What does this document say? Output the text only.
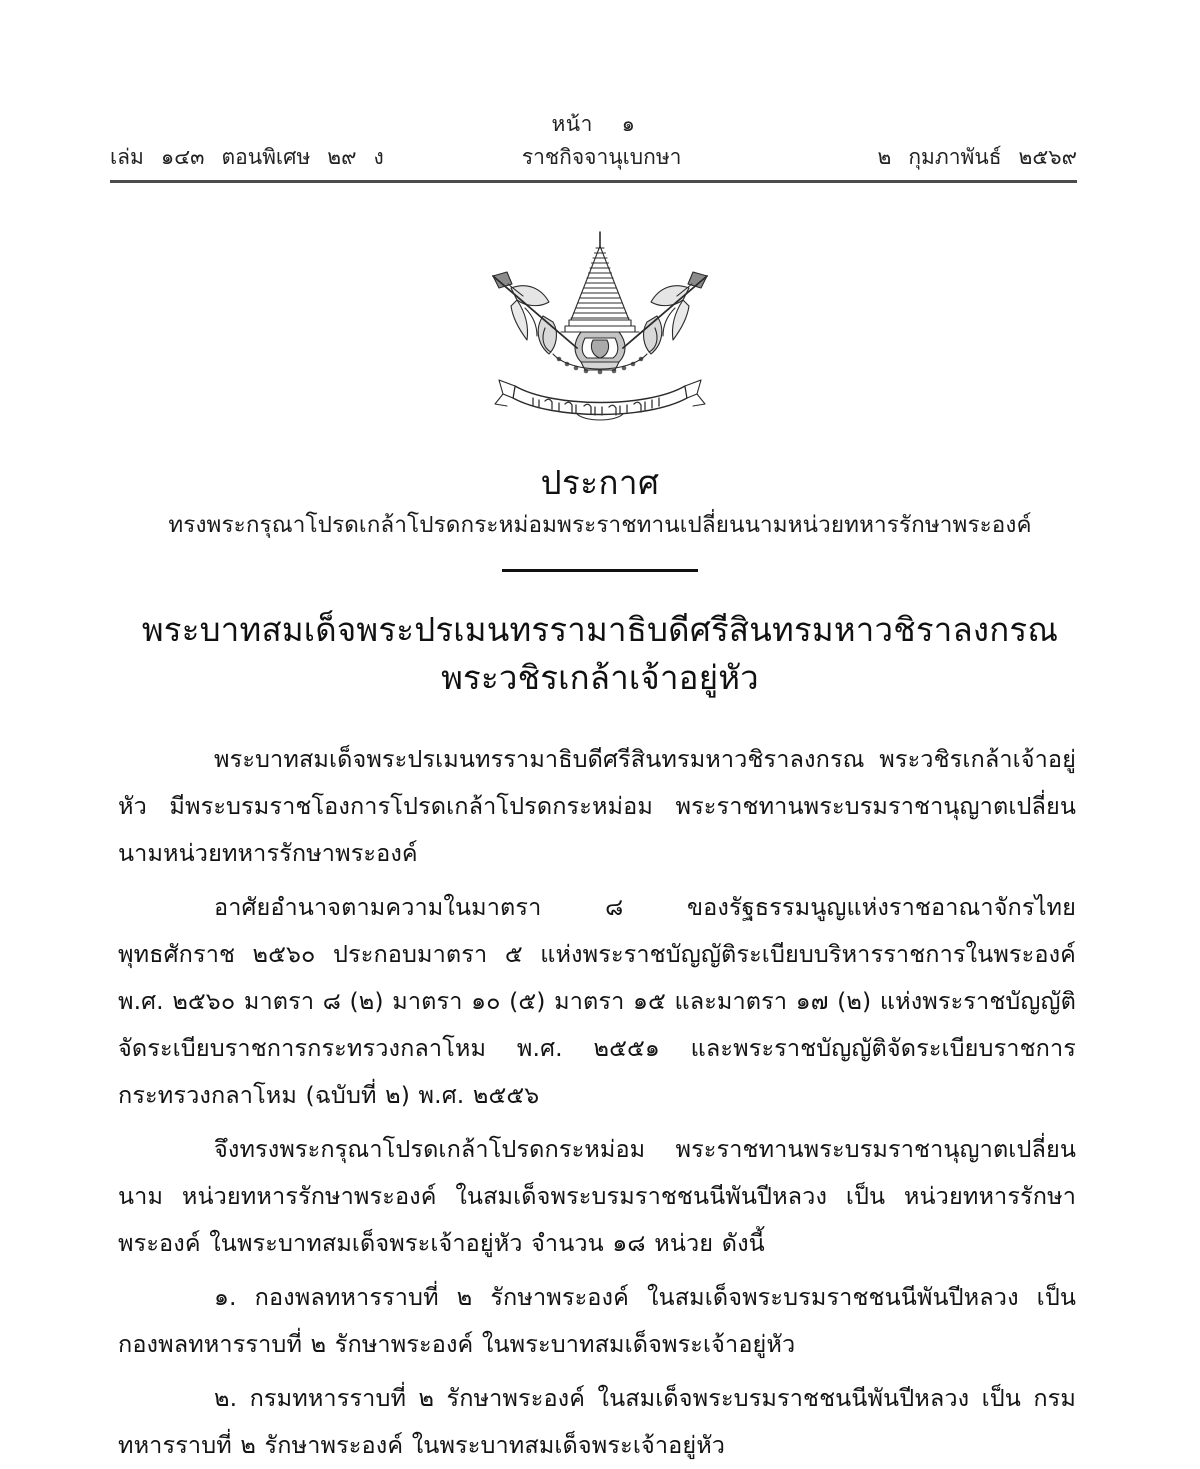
หน้า ๑
เล่ม ๑๔๓ ตอนพิเศษ ๒๙ ง	ราชกิจจานุเบกษา	๒ กุมภาพันธ์ ๒๕๖๙
ประกาศ
ทรงพระกรุณาโปรดเกล้าโปรดกระหม่อมพระราชทานเปลี่ยนนามหน่วยทหารรักษาพระองค์
พระบาทสมเด็จพระปรเมนทรรามาธิบดีศรีสินทรมหาวชิราลงกรณ
พระวชิรเกล้าเจ้าอยู่หัว

พระบาทสมเด็จพระปรเมนทรรามาธิบดีศรีสินทรมหาวชิราลงกรณ พระวชิรเกล้าเจ้าอยู่หัว มีพระบรมราชโองการโปรดเกล้าโปรดกระหม่อม พระราชทานพระบรมราชานุญาตเปลี่ยนนามหน่วยทหารรักษาพระองค์

อาศัยอำนาจตามความในมาตรา ๘ ของรัฐธรรมนูญแห่งราชอาณาจักรไทย พุทธศักราช ๒๕๖๐ ประกอบมาตรา ๕ แห่งพระราชบัญญัติระเบียบบริหารราชการในพระองค์ พ.ศ. ๒๕๖๐ มาตรา ๘ (๒) มาตรา ๑๐ (๕) มาตรา ๑๕ และมาตรา ๑๗ (๒) แห่งพระราชบัญญัติจัดระเบียบราชการกระทรวงกลาโหม พ.ศ. ๒๕๕๑ และพระราชบัญญัติจัดระเบียบราชการกระทรวงกลาโหม (ฉบับที่ ๒) พ.ศ. ๒๕๕๖

จึงทรงพระกรุณาโปรดเกล้าโปรดกระหม่อม พระราชทานพระบรมราชานุญาตเปลี่ยนนาม หน่วยทหารรักษาพระองค์ ในสมเด็จพระบรมราชชนนีพันปีหลวง เป็น หน่วยทหารรักษาพระองค์ ในพระบาทสมเด็จพระเจ้าอยู่หัว จำนวน ๑๘ หน่วย ดังนี้

๑. กองพลทหารราบที่ ๒ รักษาพระองค์ ในสมเด็จพระบรมราชชนนีพันปีหลวง เป็น กองพลทหารราบที่ ๒ รักษาพระองค์ ในพระบาทสมเด็จพระเจ้าอยู่หัว

๒. กรมทหารราบที่ ๒ รักษาพระองค์ ในสมเด็จพระบรมราชชนนีพันปีหลวง เป็น กรมทหารราบที่ ๒ รักษาพระองค์ ในพระบาทสมเด็จพระเจ้าอยู่หัว
